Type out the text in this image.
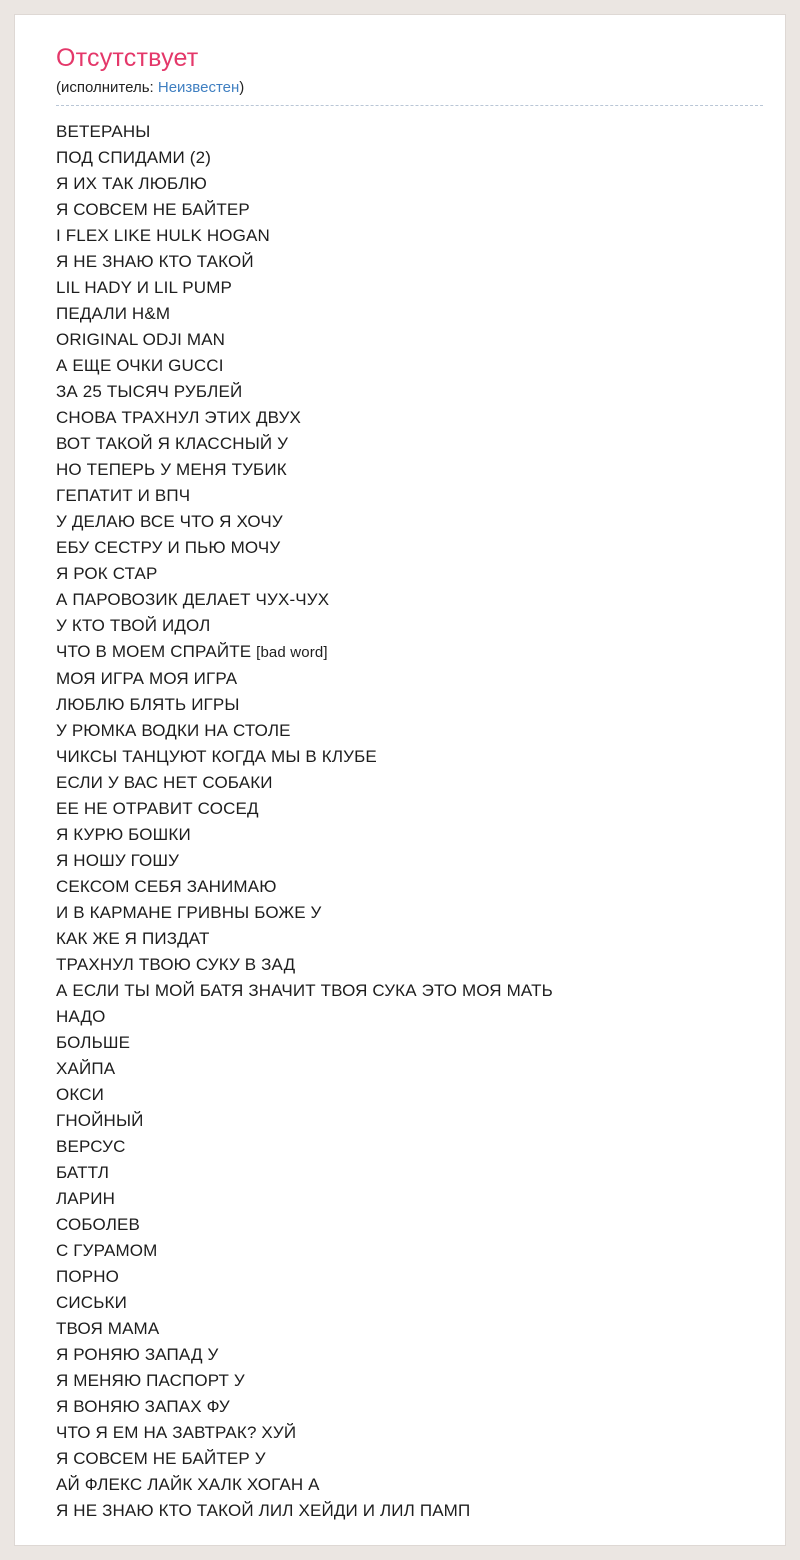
Отсутствует
(исполнитель: Неизвестен)
ВЕТЕРАНЫ
ПОД СПИДАМИ (2)
Я ИХ ТАК ЛЮБЛЮ
Я СОВСЕМ НЕ БАЙТЕР
I FLEX LIKE HULK HOGAN
Я НЕ ЗНАЮ КТО ТАКОЙ
LIL HADY И LIL PUMP
ПЕДАЛИ H&M
ORIGINAL ODJI MAN
А ЕЩЕ ОЧКИ GUCCI
ЗА 25 ТЫСЯЧ РУБЛЕЙ
СНОВА ТРАХНУЛ ЭТИХ ДВУХ
ВОТ ТАКОЙ Я КЛАССНЫЙ У
НО ТЕПЕРЬ У МЕНЯ ТУБИК
ГЕПАТИТ И ВПЧ
У ДЕЛАЮ ВСЕ ЧТО Я ХОЧУ
ЕБУ СЕСТРУ И ПЬЮ МОЧУ
Я РОК СТАР
А ПАРОВОЗИК ДЕЛАЕТ ЧУХ-ЧУХ
У КТО ТВОЙ ИДОЛ
ЧТО В МОЕМ СПРАЙТЕ [bad word]
МОЯ ИГРА МОЯ ИГРА
ЛЮБЛЮ БЛЯТЬ ИГРЫ
У РЮМКА ВОДКИ НА СТОЛЕ
ЧИКСЫ ТАНЦУЮТ КОГДА МЫ В КЛУБЕ
ЕСЛИ У ВАС НЕТ СОБАКИ
ЕЕ НЕ ОТРАВИТ СОСЕД
Я КУРЮ БОШКИ
Я НОШУ ГОШУ
СЕКСОМ СЕБЯ ЗАНИМАЮ
И В КАРМАНЕ ГРИВНЫ БОЖЕ У
КАК ЖЕ Я ПИЗДАТ
ТРАХНУЛ ТВОЮ СУКУ В ЗАД
А ЕСЛИ ТЫ МОЙ БАТЯ ЗНАЧИТ ТВОЯ СУКА ЭТО МОЯ МАТЬ
НАДО
БОЛЬШЕ
ХАЙПА
ОКСИ
ГНОЙНЫЙ
ВЕРСУС
БАТТЛ
ЛАРИН
СОБОЛЕВ
С ГУРАМОМ
ПОРНО
СИСЬКИ
ТВОЯ МАМА
Я РОНЯЮ ЗАПАД У
Я МЕНЯЮ ПАСПОРТ У
Я ВОНЯЮ ЗАПАХ ФУ
ЧТО Я ЕМ НА ЗАВТРАК? ХУЙ
Я СОВСЕМ НЕ БАЙТЕР У
АЙ ФЛЕКС ЛАЙК ХАЛК ХОГАН А
Я НЕ ЗНАЮ КТО ТАКОЙ ЛИЛ ХЕЙДИ И ЛИЛ ПАМП
